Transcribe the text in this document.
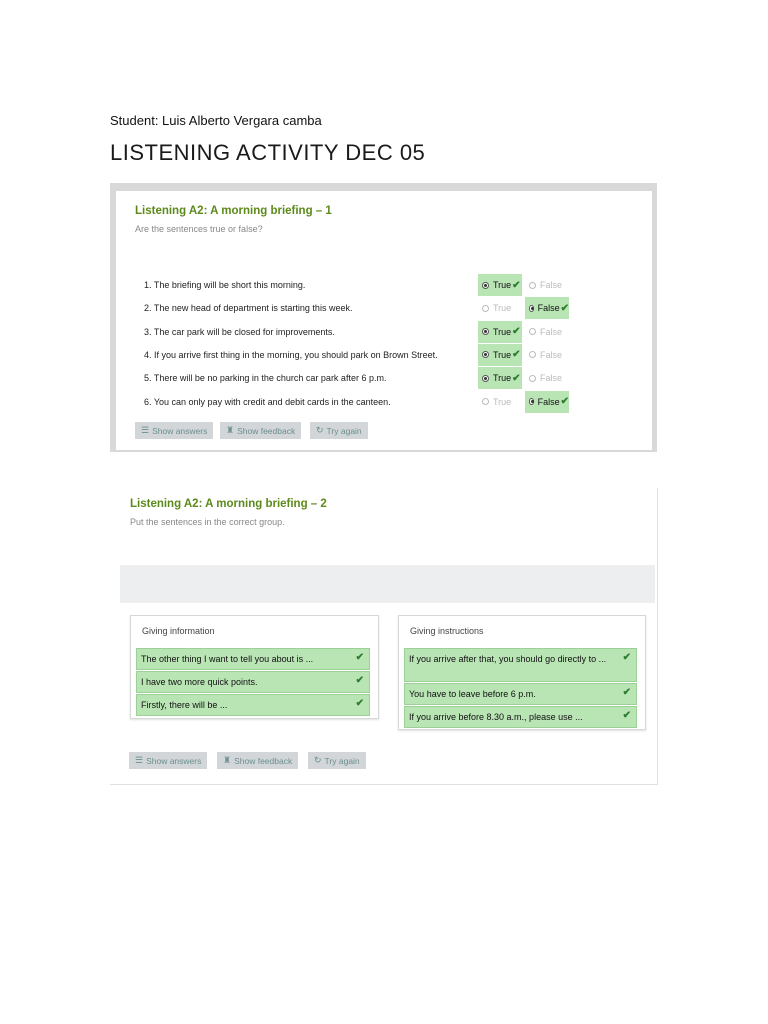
Student: Luis Alberto Vergara camba
LISTENING ACTIVITY DEC 05
Listening A2: A morning briefing – 1
Are the sentences true or false?
1. The briefing will be short this morning.	True ✔ False
2. The new head of department is starting this week.	True	False ✔
3. The car park will be closed for improvements.	True ✔ False
4. If you arrive first thing in the morning, you should park on Brown Street.	True ✔ False
5. There will be no parking in the church car park after 6 p.m.	True ✔ False
6. You can only pay with credit and debit cards in the canteen.	True	False ✔
☰ Show answers ♜ Show feedback ↻ Try again
Listening A2: A morning briefing – 2
Put the sentences in the correct group.
Giving information
The other thing I want to tell you about is ...	✔
I have two more quick points.	✔
Firstly, there will be ...	✔
Giving instructions
If you arrive after that, you should go directly to ... ✔
You have to leave before 6 p.m.	✔
If you arrive before 8.30 a.m., please use ...	✔
☰ Show answers ♜ Show feedback ↻ Try again
